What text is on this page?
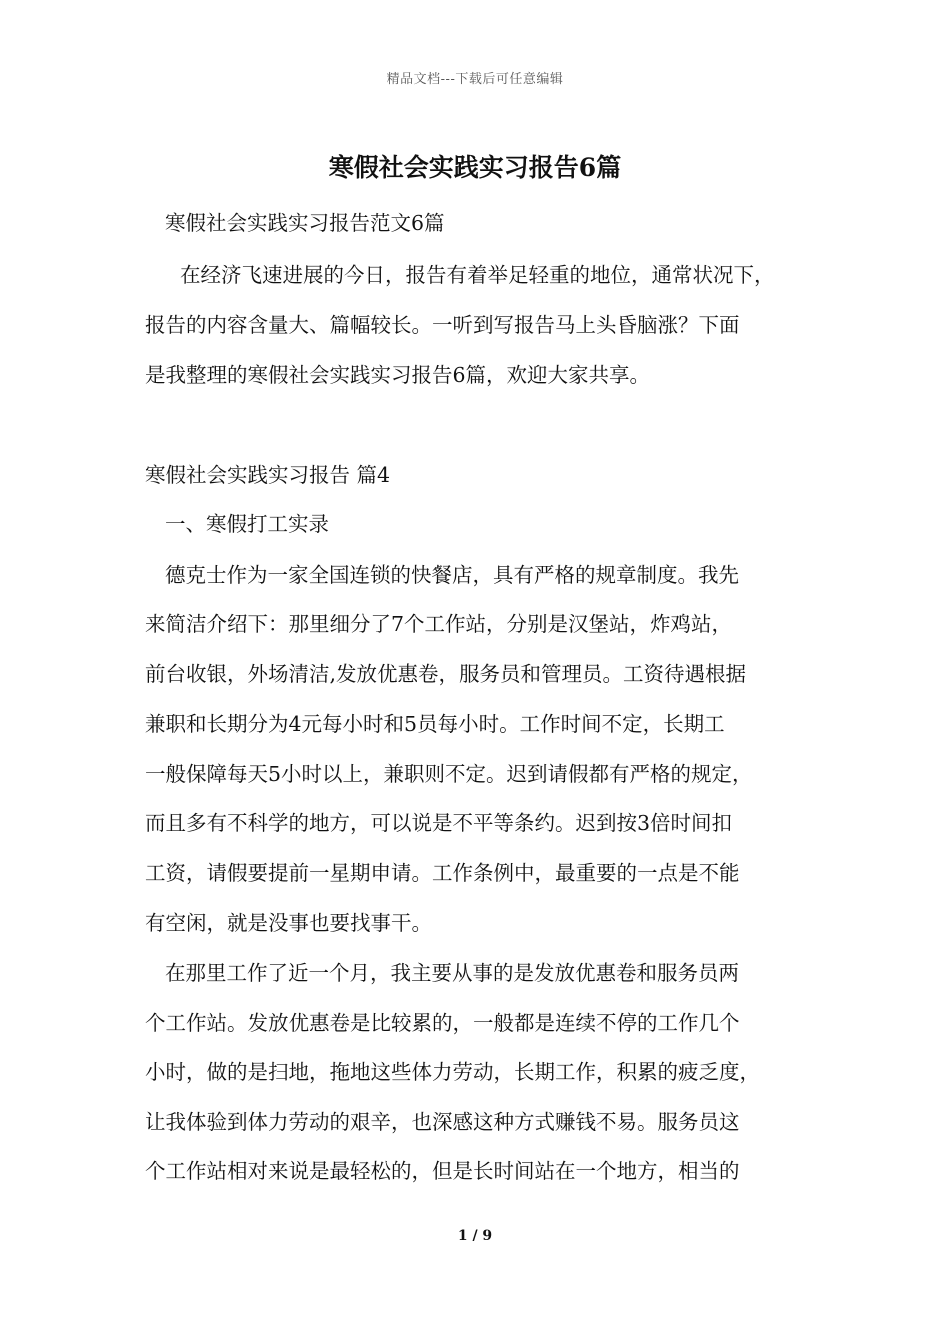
精品文档---下载后可任意编辑
寒假社会实践实习报告6篇
寒假社会实践实习报告范文6篇
在经济飞速进展的今日，报告有着举足轻重的地位，通常状况下，
报告的内容含量大、篇幅较长。一听到写报告马上头昏脑涨？下面
是我整理的寒假社会实践实习报告6篇，欢迎大家共享。
寒假社会实践实习报告 篇4
一、寒假打工实录
德克士作为一家全国连锁的快餐店，具有严格的规章制度。我先
来简洁介绍下：那里细分了7个工作站，分别是汉堡站，炸鸡站，
前台收银，外场清洁,发放优惠卷，服务员和管理员。工资待遇根据
兼职和长期分为4元每小时和5员每小时。工作时间不定，长期工
一般保障每天5小时以上，兼职则不定。迟到请假都有严格的规定，
而且多有不科学的地方，可以说是不平等条约。迟到按3倍时间扣
工资，请假要提前一星期申请。工作条例中，最重要的一点是不能
有空闲，就是没事也要找事干。
在那里工作了近一个月，我主要从事的是发放优惠卷和服务员两
个工作站。发放优惠卷是比较累的，一般都是连续不停的工作几个
小时，做的是扫地，拖地这些体力劳动，长期工作，积累的疲乏度，
让我体验到体力劳动的艰辛，也深感这种方式赚钱不易。服务员这
个工作站相对来说是最轻松的，但是长时间站在一个地方，相当的
1 / 9
